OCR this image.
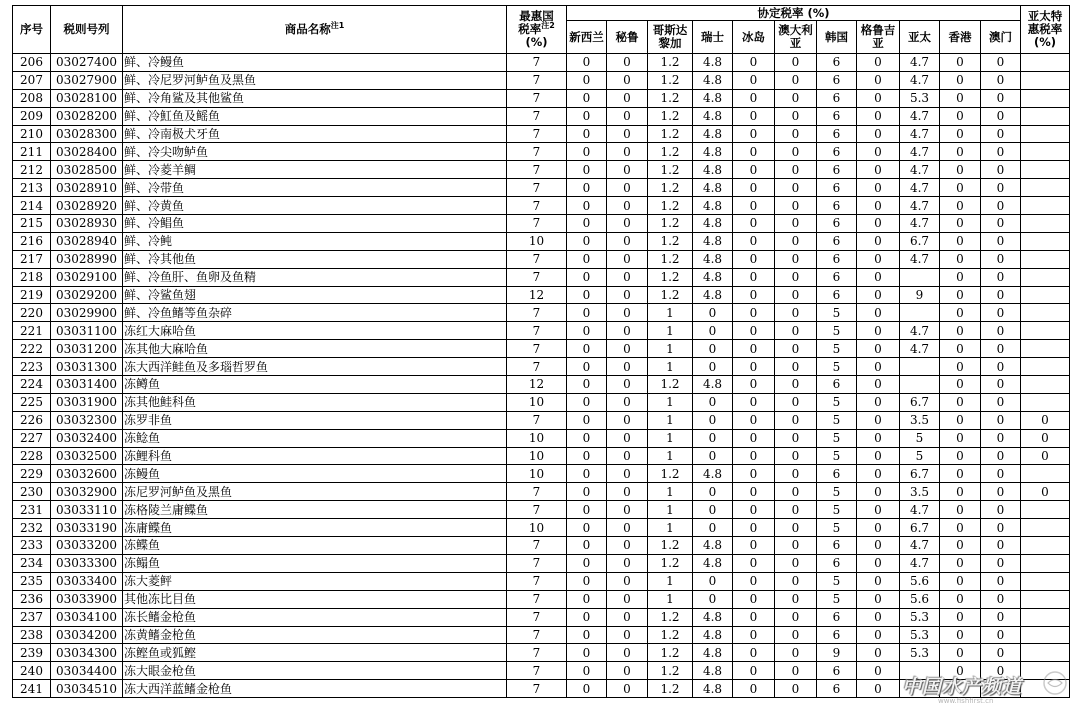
序号	税则号列	商品名称$^{注1}$	最惠国
税率$^{注2}$
(%)	协定税率 (%)											亚太特
惠税率
(%)

				新西兰	秘鲁	哥斯达黎加	瑞士	冰岛	澳大利亚	韩国	格鲁吉亚	亚太	香港	澳门	

206	03027400	鲜、冷鳗鱼	7	0	0	1.2	4.8	0	0	6	0	4.7	0	0	
207	03027900	鲜、冷尼罗河鲈鱼及黑鱼	7	0	0	1.2	4.8	0	0	6	0	4.7	0	0	
208	03028100	鲜、冷角鲨及其他鲨鱼	7	0	0	1.2	4.8	0	0	6	0	5.3	0	0	
209	03028200	鲜、冷魟鱼及鳐鱼	7	0	0	1.2	4.8	0	0	6	0	4.7	0	0	
210	03028300	鲜、冷南极犬牙鱼	7	0	0	1.2	4.8	0	0	6	0	4.7	0	0	
211	03028400	鲜、冷尖吻鲈鱼	7	0	0	1.2	4.8	0	0	6	0	4.7	0	0	
212	03028500	鲜、冷菱羊鲷	7	0	0	1.2	4.8	0	0	6	0	4.7	0	0	
213	03028910	鲜、冷带鱼	7	0	0	1.2	4.8	0	0	6	0	4.7	0	0	
214	03028920	鲜、冷黄鱼	7	0	0	1.2	4.8	0	0	6	0	4.7	0	0	
215	03028930	鲜、冷鲳鱼	7	0	0	1.2	4.8	0	0	6	0	4.7	0	0	
216	03028940	鲜、冷鲀	10	0	0	1.2	4.8	0	0	6	0	6.7	0	0	
217	03028990	鲜、冷其他鱼	7	0	0	1.2	4.8	0	0	6	0	4.7	0	0	
218	03029100	鲜、冷鱼肝、鱼卵及鱼精	7	0	0	1.2	4.8	0	0	6	0		0	0	
219	03029200	鲜、冷鲨鱼翅	12	0	0	1.2	4.8	0	0	6	0	9	0	0	
220	03029900	鲜、冷鱼鳍等鱼杂碎	7	0	0	1	0	0	0	5	0		0	0	
221	03031100	冻红大麻哈鱼	7	0	0	1	0	0	0	5	0	4.7	0	0	
222	03031200	冻其他大麻哈鱼	7	0	0	1	0	0	0	5	0	4.7	0	0	
223	03031300	冻大西洋鲑鱼及多瑙哲罗鱼	7	0	0	1	0	0	0	5	0		0	0	
224	03031400	冻鳟鱼	12	0	0	1.2	4.8	0	0	6	0		0	0	
225	03031900	冻其他鲑科鱼	10	0	0	1	0	0	0	5	0	6.7	0	0	
226	03032300	冻罗非鱼	7	0	0	1	0	0	0	5	0	3.5	0	0	0
227	03032400	冻鲶鱼	10	0	0	1	0	0	0	5	0	5	0	0	0
228	03032500	冻鲤科鱼	10	0	0	1	0	0	0	5	0	5	0	0	0
229	03032600	冻鳗鱼	10	0	0	1.2	4.8	0	0	6	0	6.7	0	0	
230	03032900	冻尼罗河鲈鱼及黑鱼	7	0	0	1	0	0	0	5	0	3.5	0	0	0
231	03033110	冻格陵兰庸鲽鱼	7	0	0	1	0	0	0	5	0	4.7	0	0	
232	03033190	冻庸鲽鱼	10	0	0	1	0	0	0	5	0	6.7	0	0	
233	03033200	冻鲽鱼	7	0	0	1.2	4.8	0	0	6	0	4.7	0	0	
234	03033300	冻鳎鱼	7	0	0	1.2	4.8	0	0	6	0	4.7	0	0	
235	03033400	冻大菱鲆	7	0	0	1	0	0	0	5	0	5.6	0	0	
236	03033900	其他冻比目鱼	7	0	0	1	0	0	0	5	0	5.6	0	0	
237	03034100	冻长鳍金枪鱼	7	0	0	1.2	4.8	0	0	6	0	5.3	0	0	
238	03034200	冻黄鳍金枪鱼	7	0	0	1.2	4.8	0	0	6	0	5.3	0	0	
239	03034300	冻鲣鱼或狐鲣	7	0	0	1.2	4.8	0	0	9	0	5.3	0	0	
240	03034400	冻大眼金枪鱼	7	0	0	1.2	4.8	0	0	6	0		0	0	
241	03034510	冻大西洋蓝鳍金枪鱼	7	0	0	1.2	4.8	0	0	6	0				中国水产频道
www.fishfirst.cn
